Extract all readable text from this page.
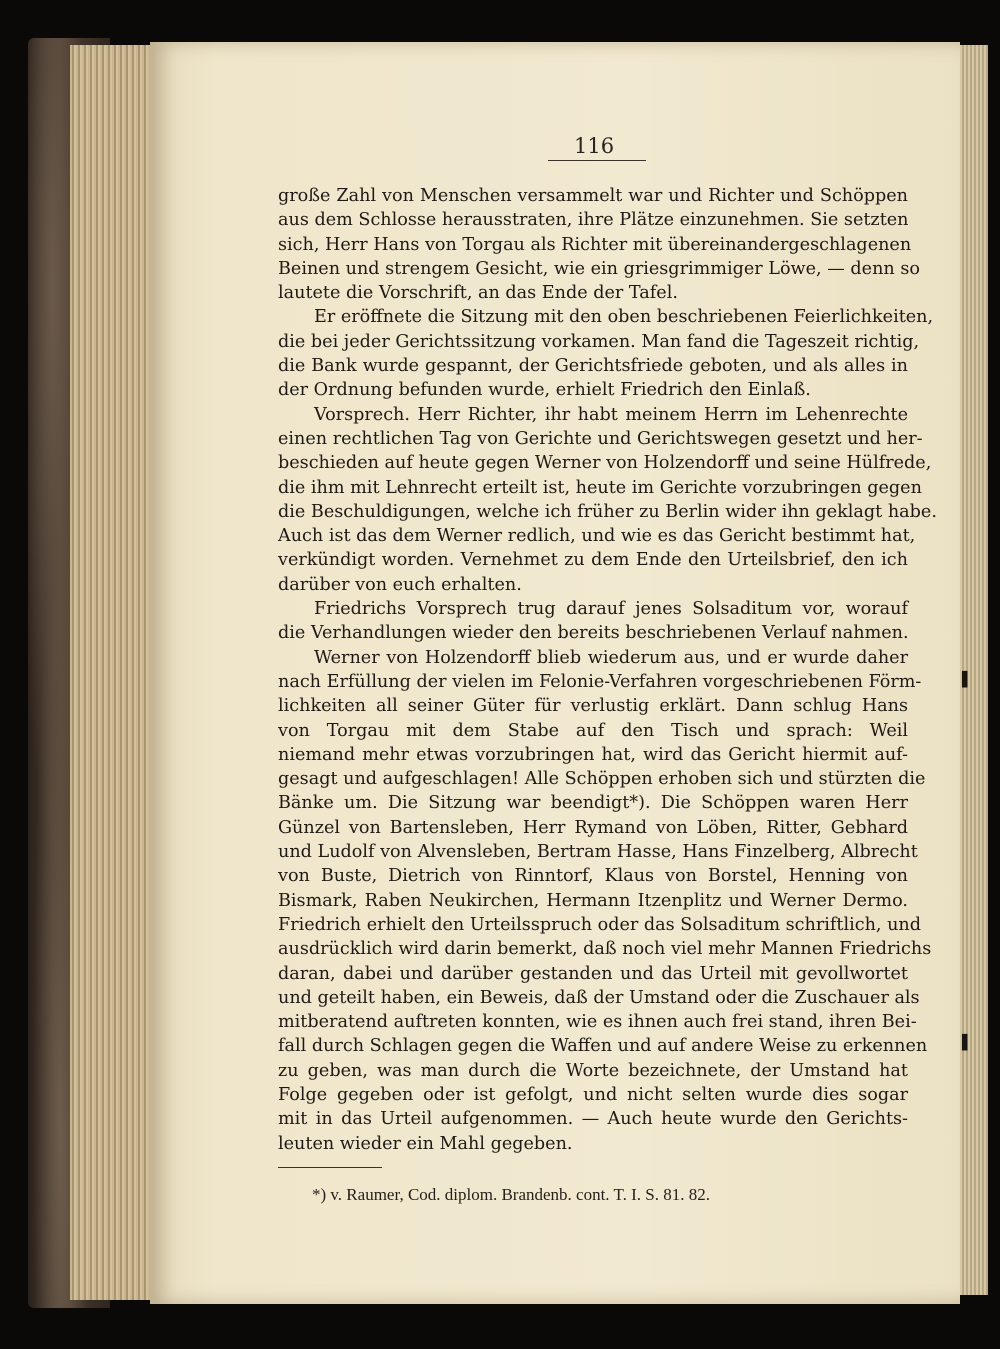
116
große Zahl von Menschen versammelt war und Richter und Schöppen
aus dem Schlosse herausstraten, ihre Plätze einzunehmen. Sie setzten
sich, Herr Hans von Torgau als Richter mit übereinandergeschlagenen
Beinen und strengem Gesicht, wie ein griesgrimmiger Löwe, — denn so
lautete die Vorschrift, an das Ende der Tafel.
Er eröffnete die Sitzung mit den oben beschriebenen Feierlichkeiten,
die bei jeder Gerichtssitzung vorkamen. Man fand die Tageszeit richtig,
die Bank wurde gespannt, der Gerichtsfriede geboten, und als alles in
der Ordnung befunden wurde, erhielt Friedrich den Einlaß.
Vorsprech. Herr Richter, ihr habt meinem Herrn im Lehenrechte
einen rechtlichen Tag von Gerichte und Gerichtswegen gesetzt und her-
beschieden auf heute gegen Werner von Holzendorff und seine Hülfrede,
die ihm mit Lehnrecht erteilt ist, heute im Gerichte vorzubringen gegen
die Beschuldigungen, welche ich früher zu Berlin wider ihn geklagt habe.
Auch ist das dem Werner redlich, und wie es das Gericht bestimmt hat,
verkündigt worden. Vernehmet zu dem Ende den Urteilsbrief, den ich
darüber von euch erhalten.
Friedrichs Vorsprech trug darauf jenes Solsaditum vor, worauf
die Verhandlungen wieder den bereits beschriebenen Verlauf nahmen.
Werner von Holzendorff blieb wiederum aus, und er wurde daher
nach Erfüllung der vielen im Felonie-Verfahren vorgeschriebenen Förm-
lichkeiten all seiner Güter für verlustig erklärt. Dann schlug Hans
von Torgau mit dem Stabe auf den Tisch und sprach: Weil
niemand mehr etwas vorzubringen hat, wird das Gericht hiermit auf-
gesagt und aufgeschlagen! Alle Schöppen erhoben sich und stürzten die
Bänke um. Die Sitzung war beendigt*). Die Schöppen waren Herr
Günzel von Bartensleben, Herr Rymand von Löben, Ritter, Gebhard
und Ludolf von Alvensleben, Bertram Hasse, Hans Finzelberg, Albrecht
von Buste, Dietrich von Rinntorf, Klaus von Borstel, Henning von
Bismark, Raben Neukirchen, Hermann Itzenplitz und Werner Dermo.
Friedrich erhielt den Urteilsspruch oder das Solsaditum schriftlich, und
ausdrücklich wird darin bemerkt, daß noch viel mehr Mannen Friedrichs
daran, dabei und darüber gestanden und das Urteil mit gevollwortet
und geteilt haben, ein Beweis, daß der Umstand oder die Zuschauer als
mitberatend auftreten konnten, wie es ihnen auch frei stand, ihren Bei-
fall durch Schlagen gegen die Waffen und auf andere Weise zu erkennen
zu geben, was man durch die Worte bezeichnete, der Umstand hat
Folge gegeben oder ist gefolgt, und nicht selten wurde dies sogar
mit in das Urteil aufgenommen. — Auch heute wurde den Gerichts-
leuten wieder ein Mahl gegeben.
*) v. Raumer, Cod. diplom. Brandenb. cont. T. I. S. 81. 82.
▌
▌
